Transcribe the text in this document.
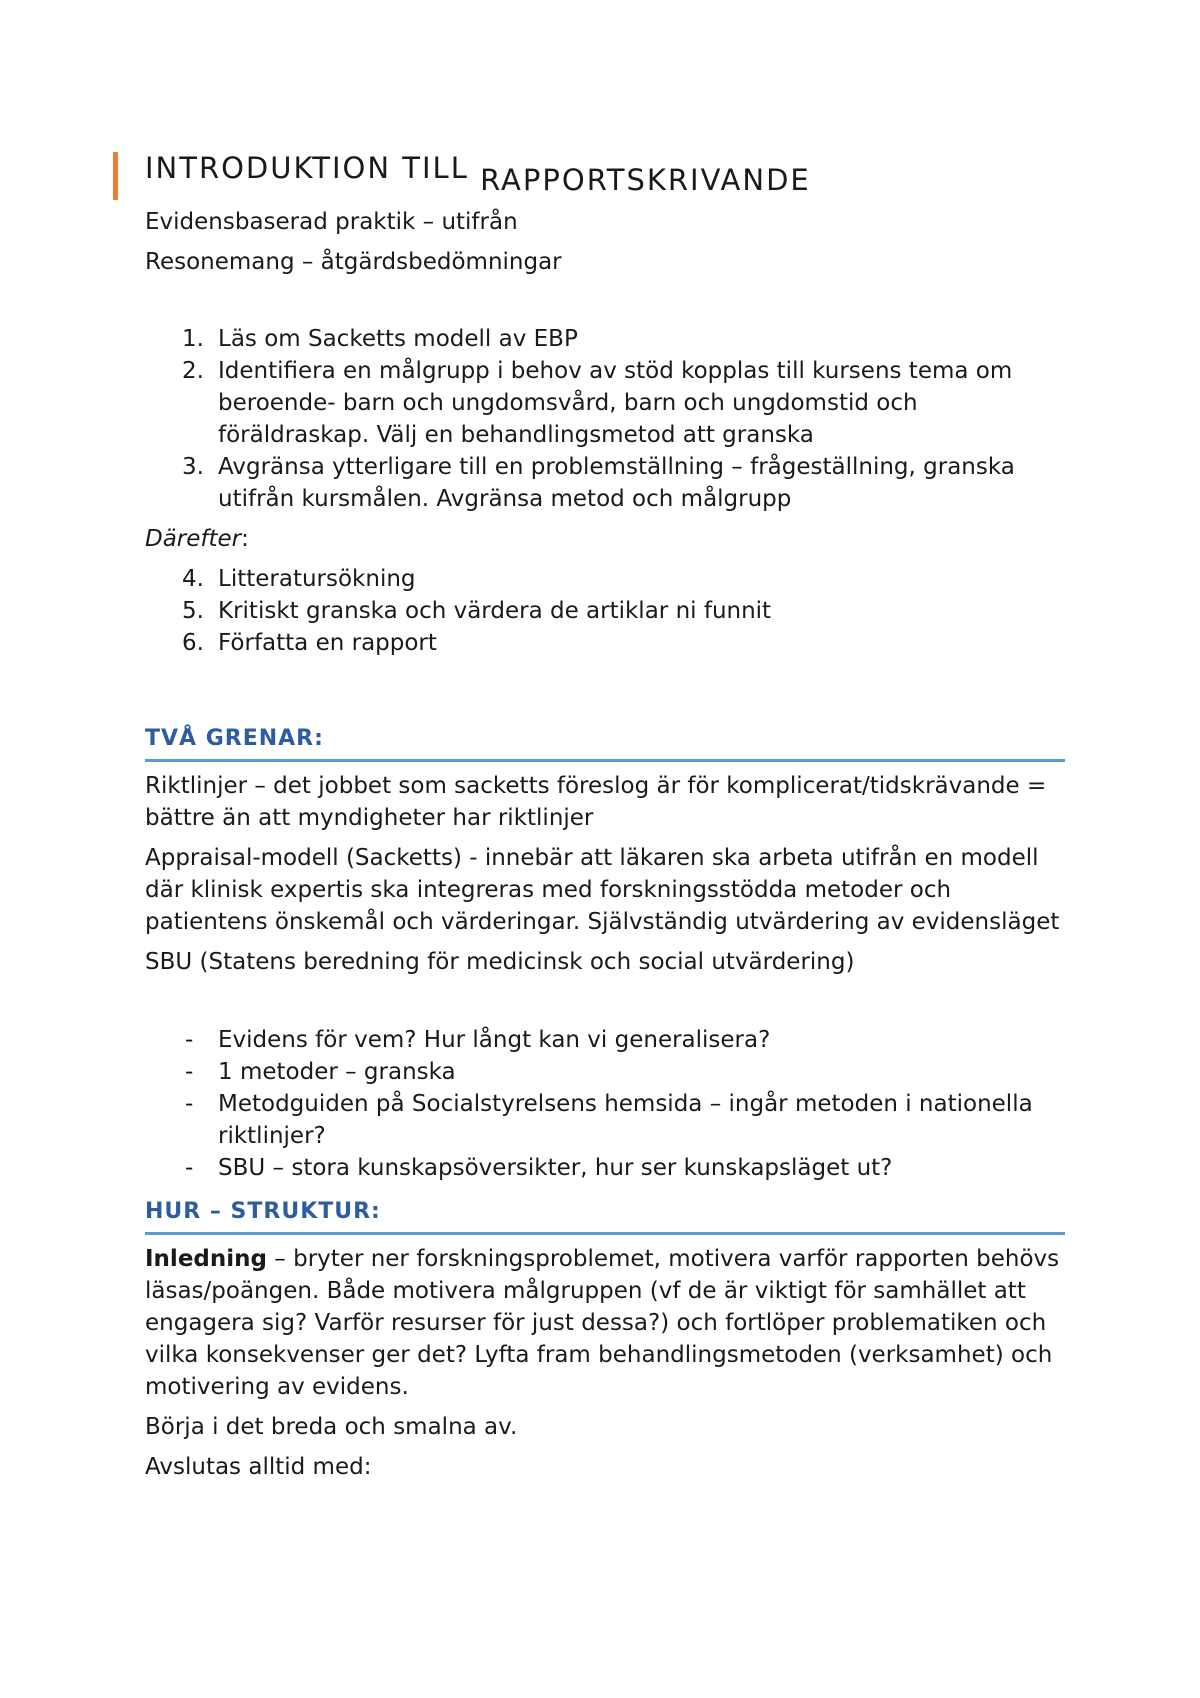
INTRODUKTION TILL RAPPORTSKRIVANDE

Evidensbaserad praktik – utifrån

Resonemang – åtgärdsbedömningar

1. Läs om Sacketts modell av EBP
2. Identifiera en målgrupp i behov av stöd kopplas till kursens tema om beroende- barn och ungdomsvård, barn och ungdomstid och föräldraskap. Välj en behandlingsmetod att granska
3. Avgränsa ytterligare till en problemställning – frågeställning, granska utifrån kursmålen. Avgränsa metod och målgrupp

Därefter:

4. Litteratursökning
5. Kritiskt granska och värdera de artiklar ni funnit
6. Författa en rapport
TVÅ GRENAR:

Riktlinjer – det jobbet som sacketts föreslog är för komplicerat/tidskrävande = bättre än att myndigheter har riktlinjer

Appraisal-modell (Sacketts) - innebär att läkaren ska arbeta utifrån en modell där klinisk expertis ska integreras med forskningsstödda metoder och patientens önskemål och värderingar. Självständig utvärdering av evidensläget

SBU (Statens beredning för medicinsk och social utvärdering)

- Evidens för vem? Hur långt kan vi generalisera?
- 1 metoder – granska
- Metodguiden på Socialstyrelsens hemsida – ingår metoden i nationella riktlinjer?
- SBU – stora kunskapsöversikter, hur ser kunskapsläget ut?
HUR – STRUKTUR:

Inledning – bryter ner forskningsproblemet, motivera varför rapporten behövs läsas/poängen. Både motivera målgruppen (vf de är viktigt för samhället att engagera sig? Varför resurser för just dessa?) och fortlöper problematiken och vilka konsekvenser ger det? Lyfta fram behandlingsmetoden (verksamhet) och motivering av evidens.

Börja i det breda och smalna av.

Avslutas alltid med:
